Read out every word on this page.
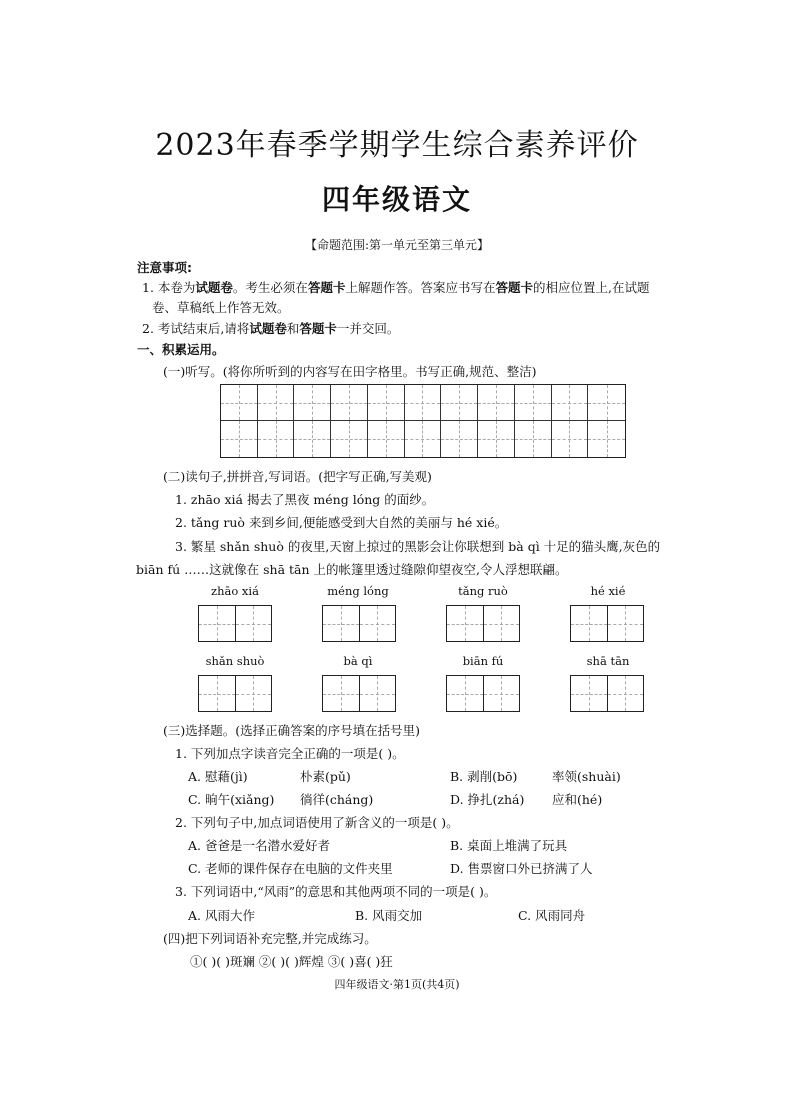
2023年春季学期学生综合素养评价
四年级语文
【命题范围:第一单元至第三单元】
注意事项:
1. 本卷为试题卷。考生必须在答题卡上解题作答。答案应书写在答题卡的相应位置上,在试题
卷、草稿纸上作答无效。
2. 考试结束后,请将试题卷和答题卡一并交回。
一、积累运用。
(一)听写。(将你所听到的内容写在田字格里。书写正确,规范、整洁)
(二)读句子,拼拼音,写词语。(把字写正确,写美观)
1. zhāo xiá 揭去了黑夜 méng lóng 的面纱。
2. tǎng ruò 来到乡间,便能感受到大自然的美丽与 hé xié。
3. 繁星 shǎn shuò 的夜里,天窗上掠过的黑影会让你联想到 bà qì 十足的猫头鹰,灰色的
biān fú ……这就像在 shā tān 上的帐篷里透过缝隙仰望夜空,令人浮想联翩。
zhāo xiá	méng lóng	tǎng ruò	hé xié
shǎn shuò	bà qì	biān fú	shā tān
(三)选择题。(选择正确答案的序号填在括号里)
1. 下列加点字读音完全正确的一项是( )。
A. 慰藉(jì)	朴素(pǔ)	B. 剥削(bō)	率领(shuài)
C. 晌午(xiǎng) 徜徉(cháng)	D. 挣扎(zhá) 应和(hé)
2. 下列句子中,加点词语使用了新含义的一项是( )。
A. 爸爸是一名潜水爱好者	B. 桌面上堆满了玩具
C. 老师的课件保存在电脑的文件夹里	D. 售票窗口外已挤满了人
3. 下列词语中,“风雨”的意思和其他两项不同的一项是( )。
A. 风雨大作	B. 风雨交加	C. 风雨同舟
(四)把下列词语补充完整,并完成练习。
①( )( )斑斓 ②( )( )辉煌 ③( )喜( )狂
四年级语文·第1页(共4页)
